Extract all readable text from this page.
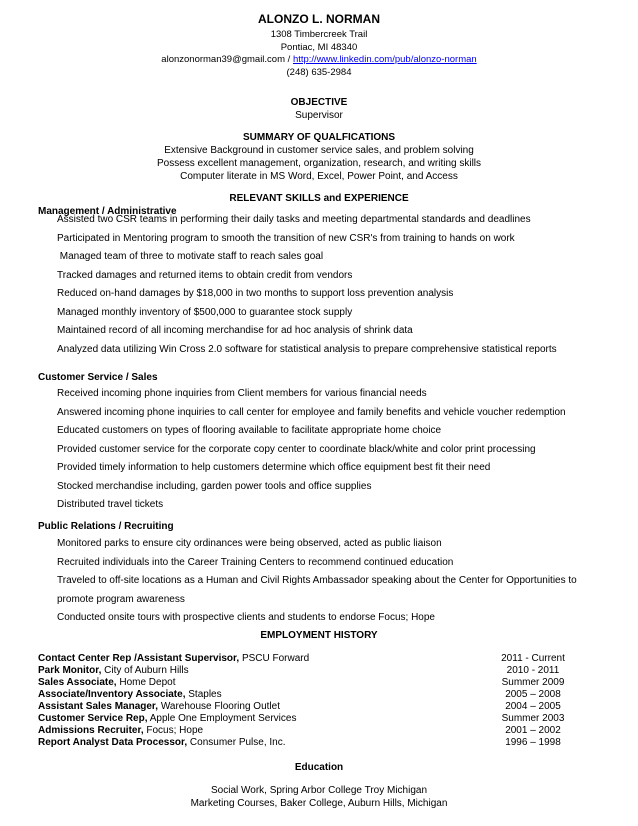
ALONZO L. NORMAN
1308 Timbercreek Trail
Pontiac, MI 48340
alonzonorman39@gmail.com / http://www.linkedin.com/pub/alonzo-norman
(248) 635-2984
OBJECTIVE
Supervisor
SUMMARY OF QUALFICATIONS
Extensive Background in customer service sales, and problem solving
Possess excellent management, organization, research, and writing skills
Computer literate in MS Word, Excel, Power Point, and Access
RELEVANT SKILLS and EXPERIENCE
Management / Administrative
Assisted two CSR teams in performing their daily tasks and meeting departmental standards and deadlines
Participated in Mentoring program to smooth the transition of new CSR's from training to hands on work
Managed team of three to motivate staff to reach sales goal
Tracked damages and returned items to obtain credit from vendors
Reduced on-hand damages by $18,000 in two months to support loss prevention analysis
Managed monthly inventory of $500,000 to guarantee stock supply
Maintained record of all incoming merchandise for ad hoc analysis of shrink data
Analyzed data utilizing Win Cross 2.0 software for statistical analysis to prepare comprehensive statistical reports
Customer Service / Sales
Received incoming phone inquiries from Client members for various financial needs
Answered incoming phone inquiries to call center for employee and family benefits and vehicle voucher redemption
Educated customers on types of flooring available to facilitate appropriate home choice
Provided customer service for the corporate copy center to coordinate black/white and color print processing
Provided timely information to help customers determine which office equipment best fit their need
Stocked merchandise including, garden power tools and office supplies
Distributed travel tickets
Public Relations / Recruiting
Monitored parks to ensure city ordinances were being observed, acted as public liaison
Recruited individuals into the Career Training Centers to recommend continued education
Traveled to off-site locations as a Human and Civil Rights Ambassador speaking about the Center for Opportunities to
promote program awareness
Conducted onsite tours with prospective clients and students to endorse Focus; Hope
EMPLOYMENT HISTORY
Contact Center Rep /Assistant Supervisor, PSCU Forward	2011 - Current
Park Monitor, City of Auburn Hills	2010 - 2011
Sales Associate, Home Depot	Summer 2009
Associate/Inventory Associate, Staples	2005 – 2008
Assistant Sales Manager, Warehouse Flooring Outlet	2004 – 2005
Customer Service Rep, Apple One Employment Services	Summer 2003
Admissions Recruiter, Focus; Hope	2001 – 2002
Report Analyst Data Processor, Consumer Pulse, Inc.	1996 – 1998
Education
Social Work, Spring Arbor College Troy Michigan
Marketing Courses, Baker College, Auburn Hills, Michigan
